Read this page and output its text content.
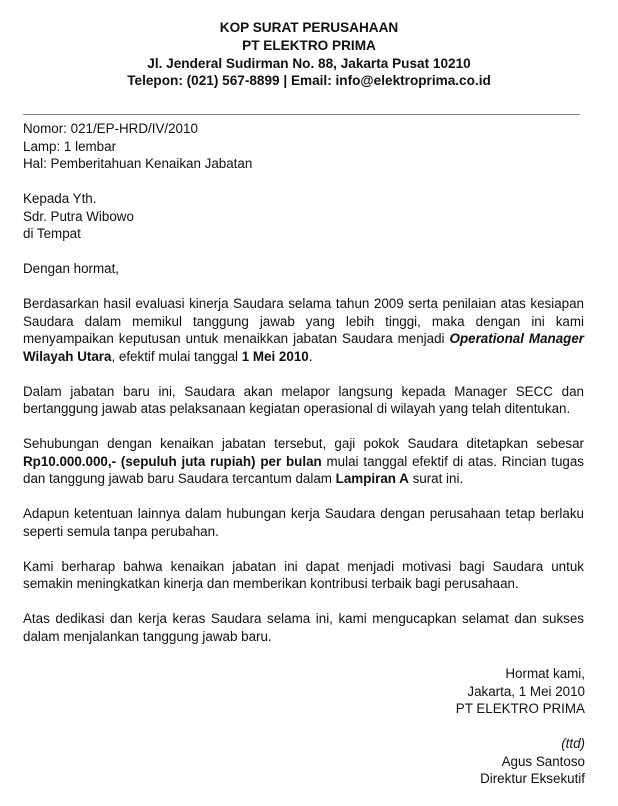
KOP SURAT PERUSAHAAN
PT ELEKTRO PRIMA
Jl. Jenderal Sudirman No. 88, Jakarta Pusat 10210
Telepon: (021) 567-8899 | Email: info@elektroprima.co.id
Nomor: 021/EP-HRD/IV/2010
Lamp: 1 lembar
Hal: Pemberitahuan Kenaikan Jabatan
Kepada Yth.
Sdr. Putra Wibowo
di Tempat
Dengan hormat,

Berdasarkan hasil evaluasi kinerja Saudara selama tahun 2009 serta penilaian atas kesiapan Saudara dalam memikul tanggung jawab yang lebih tinggi, maka dengan ini kami menyampaikan keputusan untuk menaikkan jabatan Saudara menjadi Operational Manager Wilayah Utara, efektif mulai tanggal 1 Mei 2010.

Dalam jabatan baru ini, Saudara akan melapor langsung kepada Manager SECC dan bertanggung jawab atas pelaksanaan kegiatan operasional di wilayah yang telah ditentukan.

Sehubungan dengan kenaikan jabatan tersebut, gaji pokok Saudara ditetapkan sebesar Rp10.000.000,- (sepuluh juta rupiah) per bulan mulai tanggal efektif di atas. Rincian tugas dan tanggung jawab baru Saudara tercantum dalam Lampiran A surat ini.

Adapun ketentuan lainnya dalam hubungan kerja Saudara dengan perusahaan tetap berlaku seperti semula tanpa perubahan.

Kami berharap bahwa kenaikan jabatan ini dapat menjadi motivasi bagi Saudara untuk semakin meningkatkan kinerja dan memberikan kontribusi terbaik bagi perusahaan.

Atas dedikasi dan kerja keras Saudara selama ini, kami mengucapkan selamat dan sukses dalam menjalankan tanggung jawab baru.

Hormat kami,
Jakarta, 1 Mei 2010
PT ELEKTRO PRIMA
(ttd)
Agus Santoso
Direktur Eksekutif
